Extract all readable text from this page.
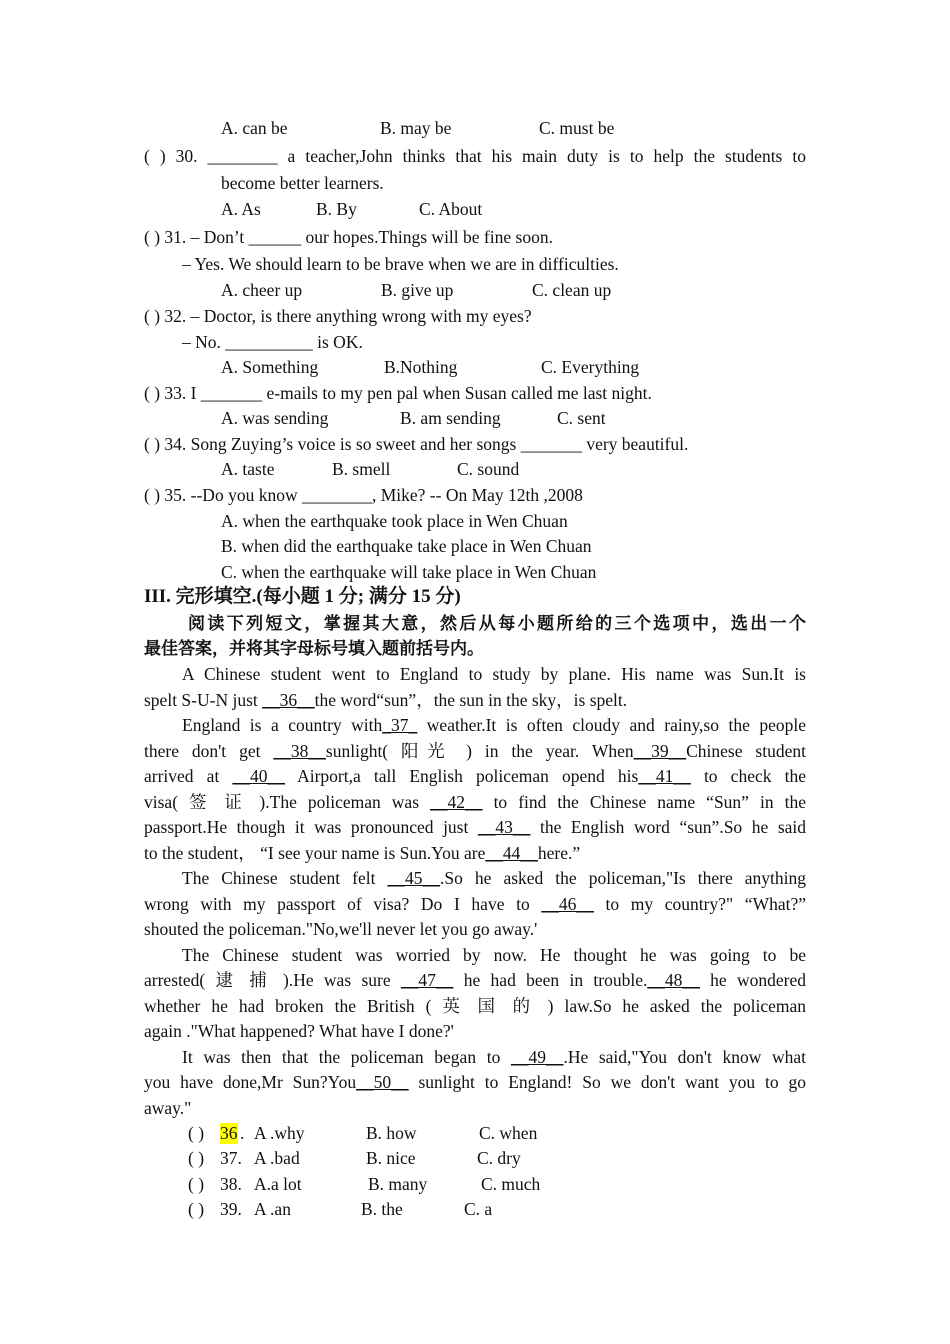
A. can be	B. may be	C. must be
( ) 30. ________ a teacher,John thinks that his main duty is to help the students to
become better learners.
A. As	B. By	C. About
( ) 31. – Don’t ______ our hopes.Things will be fine soon.
– Yes. We should learn to be brave when we are in difficulties.
A. cheer up	B. give up	C. clean up
( ) 32. – Doctor, is there anything wrong with my eyes?
– No. __________ is OK.
A. Something	B.Nothing	C. Everything
( ) 33. I _______ e-mails to my pen pal when Susan called me last night.
A. was sending	B. am sending	C. sent
( ) 34. Song Zuying’s voice is so sweet and her songs _______ very beautiful.
A. taste	B. smell	C. sound
( ) 35. --Do you know ________, Mike? -- On May 12th ,2008
A. when the earthquake took place in Wen Chuan
B. when did the earthquake take place in Wen Chuan
C. when the earthquake will take place in Wen Chuan
III. 完形填空.(每小题 1 分; 满分 15 分)
阅读下列短文，掌握其大意，然后从每小题所给的三个选项中，选出一个
最佳答案，并将其字母标号填入题前括号内。
A Chinese student went to England to study by plane. His name was Sun.It is
spelt S-U-N just __36__the word“sun”，the sun in the sky，is spelt.
England is a country with_37_ weather.It is often cloudy and rainy,so the people
there don't get __38__sunlight( 阳光 ) in the year. When__39__Chinese student
arrived at __40__ Airport,a tall English policeman opend his__41__ to check the
visa( 签 证 ).The policeman was __42__ to find the Chinese name “Sun” in the
passport.He though it was pronounced just __43__ the English word “sun”.So he said
to the student， “I see your name is Sun.You are__44__here.”
The Chinese student felt __45__.So he asked the policeman,"Is there anything
wrong with my passport of visa? Do I have to __46__ to my country?" “What?”
shouted the policeman."No,we'll never let you go away.'
The Chinese student was worried by now. He thought he was going to be
arrested( 逮 捕 ).He was sure __47__ he had been in trouble.__48__ he wondered
whether he had broken the British ( 英 国 的 ) law.So he asked the policeman
again ."What happened? What have I done?'
It was then that the policeman began to __49__.He said,"You don't know what
you have done,Mr Sun?You__50__ sunlight to England! So we don't want you to go
away."
( ) 36 . A .why	B. how	C. when
( ) 37. A .bad	B. nice	C. dry
( ) 38. A.a lot	B. many	C. much
( ) 39. A .an	B. the	C. a
